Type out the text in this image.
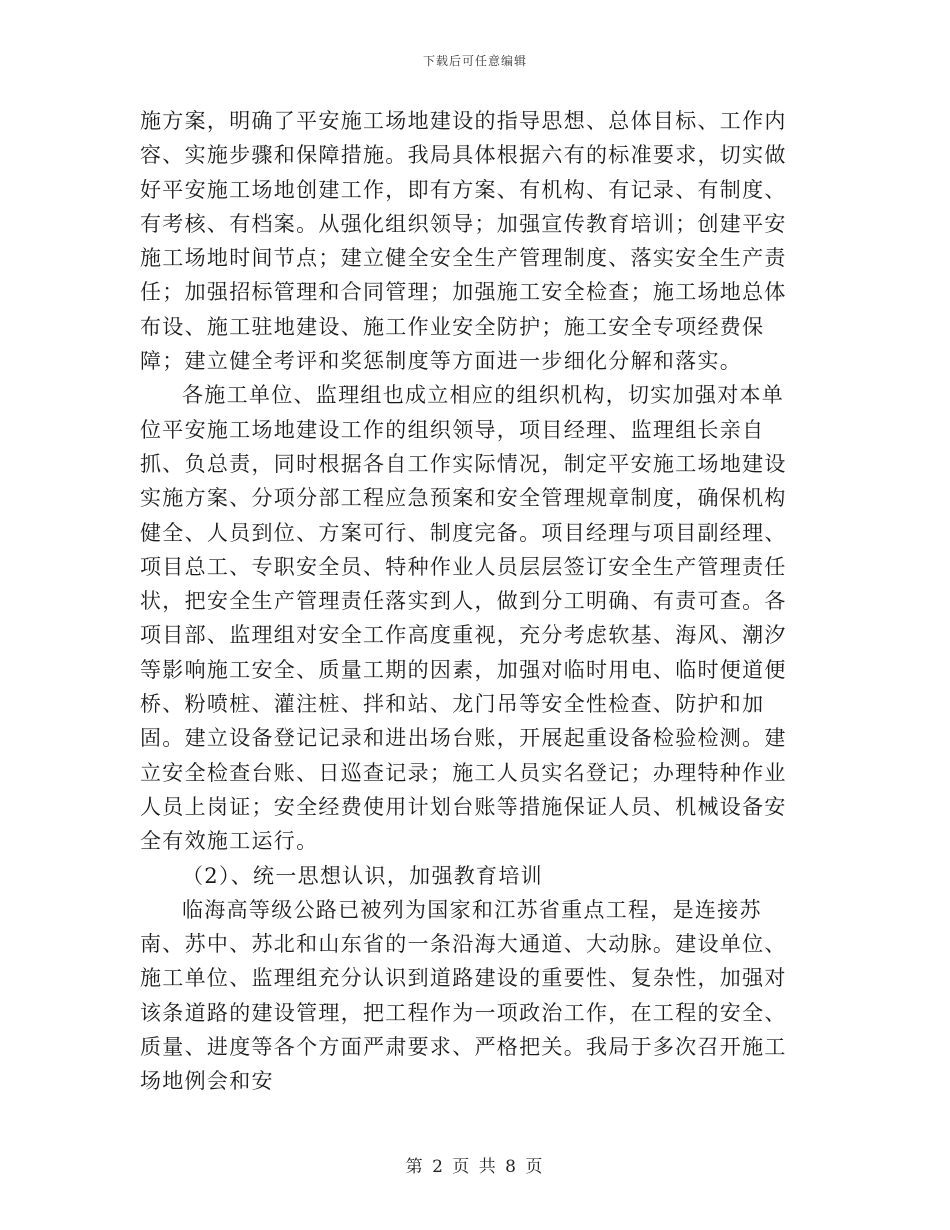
下载后可任意编辑

施方案，明确了平安施工场地建设的指导思想、总体目标、工作内容、实施步骤和保障措施。我局具体根据六有的标准要求，切实做好平安施工场地创建工作，即有方案、有机构、有记录、有制度、有考核、有档案。从强化组织领导；加强宣传教育培训；创建平安施工场地时间节点；建立健全安全生产管理制度、落实安全生产责任；加强招标管理和合同管理；加强施工安全检查；施工场地总体布设、施工驻地建设、施工作业安全防护；施工安全专项经费保障；建立健全考评和奖惩制度等方面进一步细化分解和落实。

各施工单位、监理组也成立相应的组织机构，切实加强对本单位平安施工场地建设工作的组织领导，项目经理、监理组长亲自抓、负总责，同时根据各自工作实际情况，制定平安施工场地建设实施方案、分项分部工程应急预案和安全管理规章制度，确保机构健全、人员到位、方案可行、制度完备。项目经理与项目副经理、项目总工、专职安全员、特种作业人员层层签订安全生产管理责任状，把安全生产管理责任落实到人，做到分工明确、有责可查。各项目部、监理组对安全工作高度重视，充分考虑软基、海风、潮汐等影响施工安全、质量工期的因素，加强对临时用电、临时便道便桥、粉喷桩、灌注桩、拌和站、龙门吊等安全性检查、防护和加固。建立设备登记记录和进出场台账，开展起重设备检验检测。建立安全检查台账、日巡查记录；施工人员实名登记；办理特种作业人员上岗证；安全经费使用计划台账等措施保证人员、机械设备安全有效施工运行。

（2）、统一思想认识，加强教育培训

临海高等级公路已被列为国家和江苏省重点工程，是连接苏南、苏中、苏北和山东省的一条沿海大通道、大动脉。建设单位、施工单位、监理组充分认识到道路建设的重要性、复杂性，加强对该条道路的建设管理，把工程作为一项政治工作，在工程的安全、质量、进度等各个方面严肃要求、严格把关。我局于多次召开施工场地例会和安

第 2 页 共 8 页
